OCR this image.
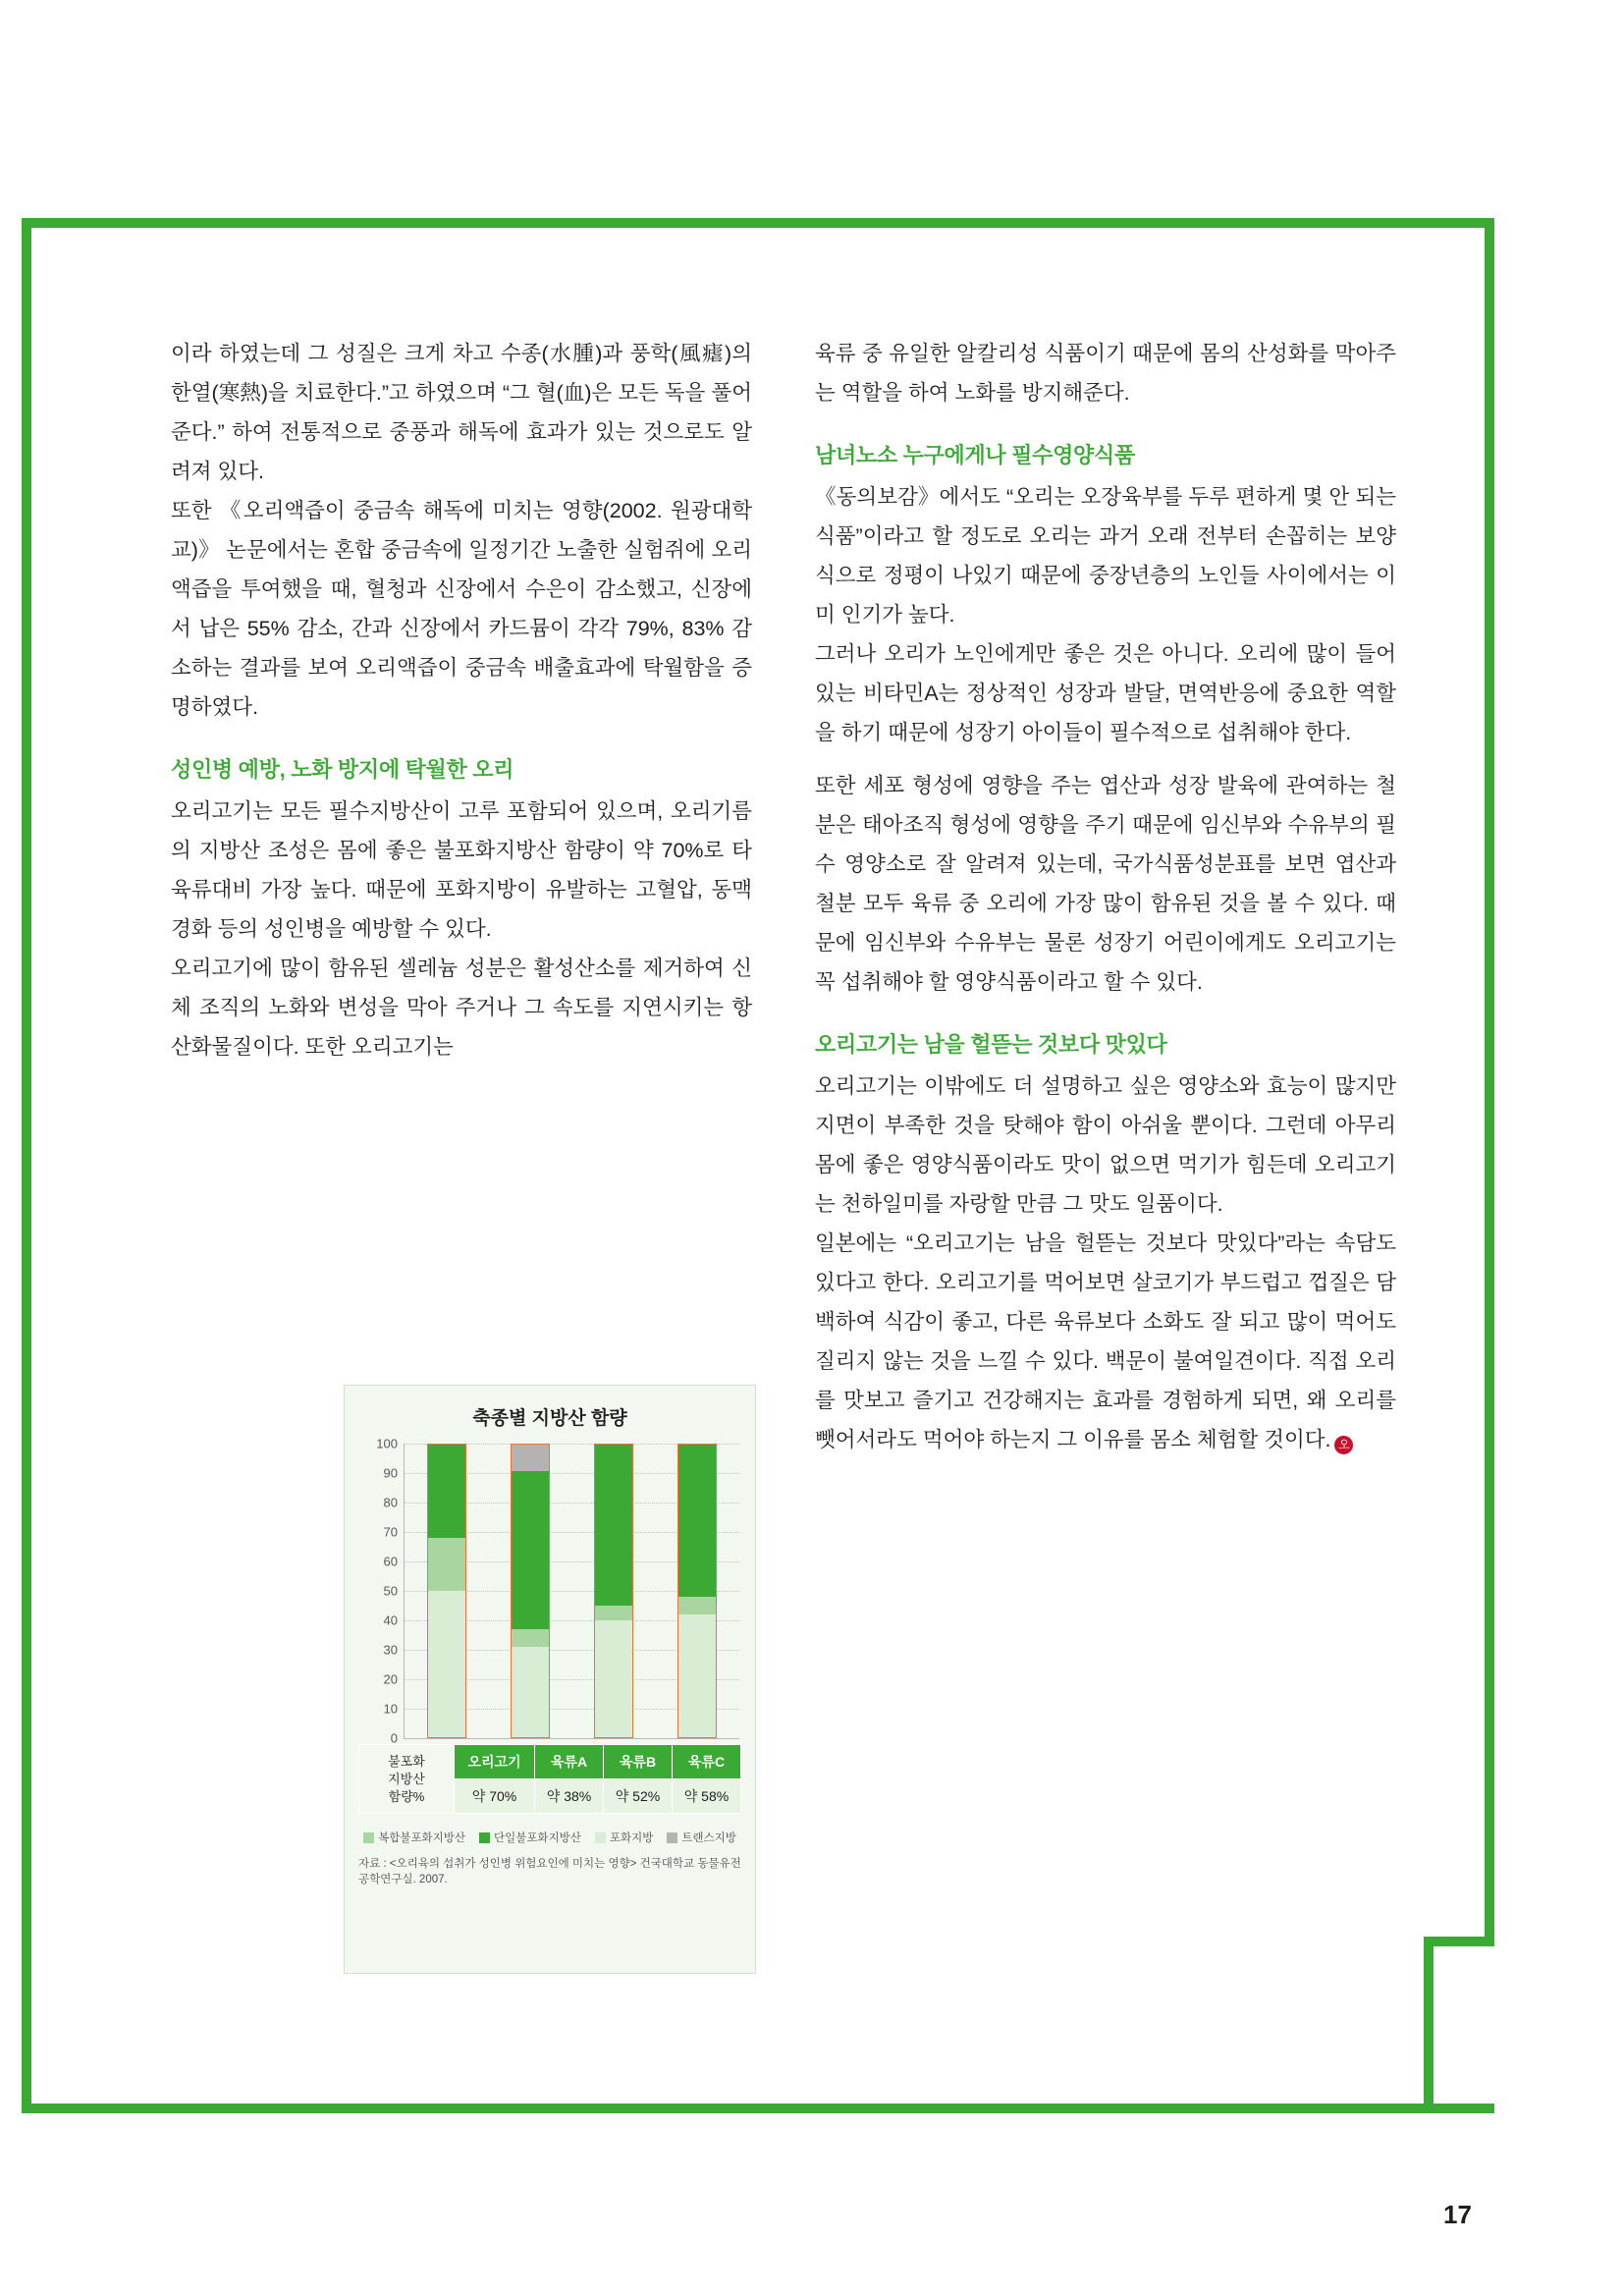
이라 하였는데 그 성질은 크게 차고 수종(水腫)과 풍학(風瘧)의 한열(寒熱)을 치료한다.”고 하였으며 “그 혈(血)은 모든 독을 풀어준다.” 하여 전통적으로 중풍과 해독에 효과가 있는 것으로도 알려져 있다.

또한 《오리액즙이 중금속 해독에 미치는 영향(2002. 원광대학교)》 논문에서는 혼합 중금속에 일정기간 노출한 실험쥐에 오리액즙을 투여했을 때, 혈청과 신장에서 수은이 감소했고, 신장에서 납은 55% 감소, 간과 신장에서 카드뮴이 각각 79%, 83% 감소하는 결과를 보여 오리액즙이 중금속 배출효과에 탁월함을 증명하였다.

성인병 예방, 노화 방지에 탁월한 오리

오리고기는 모든 필수지방산이 고루 포함되어 있으며, 오리기름의 지방산 조성은 몸에 좋은 불포화지방산 함량이 약 70%로 타 육류대비 가장 높다. 때문에 포화지방이 유발하는 고혈압, 동맥경화 등의 성인병을 예방할 수 있다.

오리고기에 많이 함유된 셀레늄 성분은 활성산소를 제거하여 신체 조직의 노화와 변성을 막아 주거나 그 속도를 지연시키는 항산화물질이다. 또한 오리고기는

축종별 지방산 함량
100
90
80
70
60
50
40
30
20
10
0
불포화
지방산
함량%	오리고기	육류A	육류B	육류C
	약 70%	약 38%	약 52%	약 58%
복합불포화지방산	단일불포화지방산	포화지방	트랜스지방
자료 : <오리육의 섭취가 성인병 위험요인에 미치는 영향> 건국대학교 동물유전공학연구실. 2007.

육류 중 유일한 알칼리성 식품이기 때문에 몸의 산성화를 막아주는 역할을 하여 노화를 방지해준다.

남녀노소 누구에게나 필수영양식품

《동의보감》에서도 “오리는 오장육부를 두루 편하게 몇 안 되는 식품”이라고 할 정도로 오리는 과거 오래 전부터 손꼽히는 보양식으로 정평이 나있기 때문에 중장년층의 노인들 사이에서는 이미 인기가 높다.

그러나 오리가 노인에게만 좋은 것은 아니다. 오리에 많이 들어있는 비타민A는 정상적인 성장과 발달, 면역반응에 중요한 역할을 하기 때문에 성장기 아이들이 필수적으로 섭취해야 한다.

또한 세포 형성에 영향을 주는 엽산과 성장 발육에 관여하는 철분은 태아조직 형성에 영향을 주기 때문에 임신부와 수유부의 필수 영양소로 잘 알려져 있는데, 국가식품성분표를 보면 엽산과 철분 모두 육류 중 오리에 가장 많이 함유된 것을 볼 수 있다. 때문에 임신부와 수유부는 물론 성장기 어린이에게도 오리고기는 꼭 섭취해야 할 영양식품이라고 할 수 있다.

오리고기는 남을 헐뜯는 것보다 맛있다

오리고기는 이밖에도 더 설명하고 싶은 영양소와 효능이 많지만 지면이 부족한 것을 탓해야 함이 아쉬울 뿐이다. 그런데 아무리 몸에 좋은 영양식품이라도 맛이 없으면 먹기가 힘든데 오리고기는 천하일미를 자랑할 만큼 그 맛도 일품이다.

일본에는 “오리고기는 남을 헐뜯는 것보다 맛있다”라는 속담도 있다고 한다. 오리고기를 먹어보면 살코기가 부드럽고 껍질은 담백하여 식감이 좋고, 다른 육류보다 소화도 잘 되고 많이 먹어도 질리지 않는 것을 느낄 수 있다. 백문이 불여일견이다. 직접 오리를 맛보고 즐기고 건강해지는 효과를 경험하게 되면, 왜 오리를 뺏어서라도 먹어야 하는지 그 이유를 몸소 체험할 것이다. 오

17
